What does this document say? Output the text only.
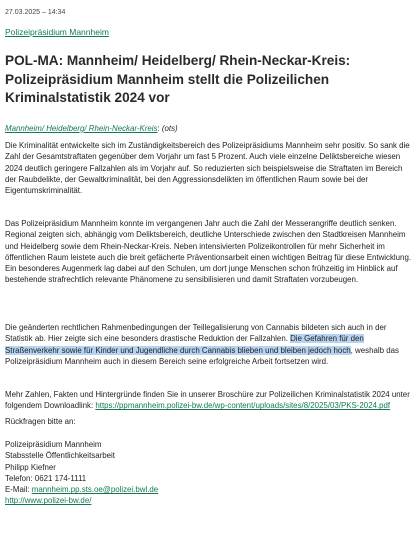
27.03.2025 – 14:34
Polizeipräsidium Mannheim
POL-MA: Mannheim/ Heidelberg/ Rhein-Neckar-Kreis: Polizeipräsidium Mannheim stellt die Polizeilichen Kriminalstatistik 2024 vor

Mannheim/ Heidelberg/ Rhein-Neckar-Kreis: (ots)

Die Kriminalität entwickelte sich im Zuständigkeitsbereich des Polizeipräsidiums Mannheim sehr positiv. So sank die Zahl der Gesamtstraftaten gegenüber dem Vorjahr um fast 5 Prozent. Auch viele einzelne Deliktsbereiche wiesen 2024 deutlich geringere Fallzahlen als im Vorjahr auf. So reduzierten sich beispielsweise die Straftaten im Bereich der Raubdelikte, der Gewaltkriminalität, bei den Aggressionsdelikten im öffentlichen Raum sowie bei der Eigentumskriminalität.

Das Polizeipräsidium Mannheim konnte im vergangenen Jahr auch die Zahl der Messerangriffe deutlich senken. Regional zeigten sich, abhängig vom Deliktsbereich, deutliche Unterschiede zwischen den Stadtkreisen Mannheim und Heidelberg sowie dem Rhein-Neckar-Kreis. Neben intensivierten Polizeikontrollen für mehr Sicherheit im öffentlichen Raum leistete auch die breit gefächerte Präventionsarbeit einen wichtigen Beitrag für diese Entwicklung. Ein besonderes Augenmerk lag dabei auf den Schulen, um dort junge Menschen schon frühzeitig im Hinblick auf bestehende strafrechtlich relevante Phänomene zu sensibilisieren und damit Straftaten vorzubeugen.

Die geänderten rechtlichen Rahmenbedingungen der Teillegalisierung von Cannabis bildeten sich auch in der Statistik ab. Hier zeigte sich eine besonders drastische Reduktion der Fallzahlen. Die Gefahren für den Straßenverkehr sowie für Kinder und Jugendliche durch Cannabis blieben und bleiben jedoch hoch, weshalb das Polizeipräsidium Mannheim auch in diesem Bereich seine erfolgreiche Arbeit fortsetzen wird.

Mehr Zahlen, Fakten und Hintergründe finden Sie in unserer Broschüre zur Polizeilichen Kriminalstatistik 2024 unter folgendem Downloadlink: https://ppmannheim.polizei-bw.de/wp-content/uploads/sites/8/2025/03/PKS-2024.pdf

Rückfragen bitte an:

Polizeipräsidium Mannheim
Stabsstelle Öffentlichkeitsarbeit
Philipp Kiefner
Telefon: 0621 174-1111
E-Mail: mannheim.pp.sts.oe@polizei.bwl.de
http://www.polizei-bw.de/
